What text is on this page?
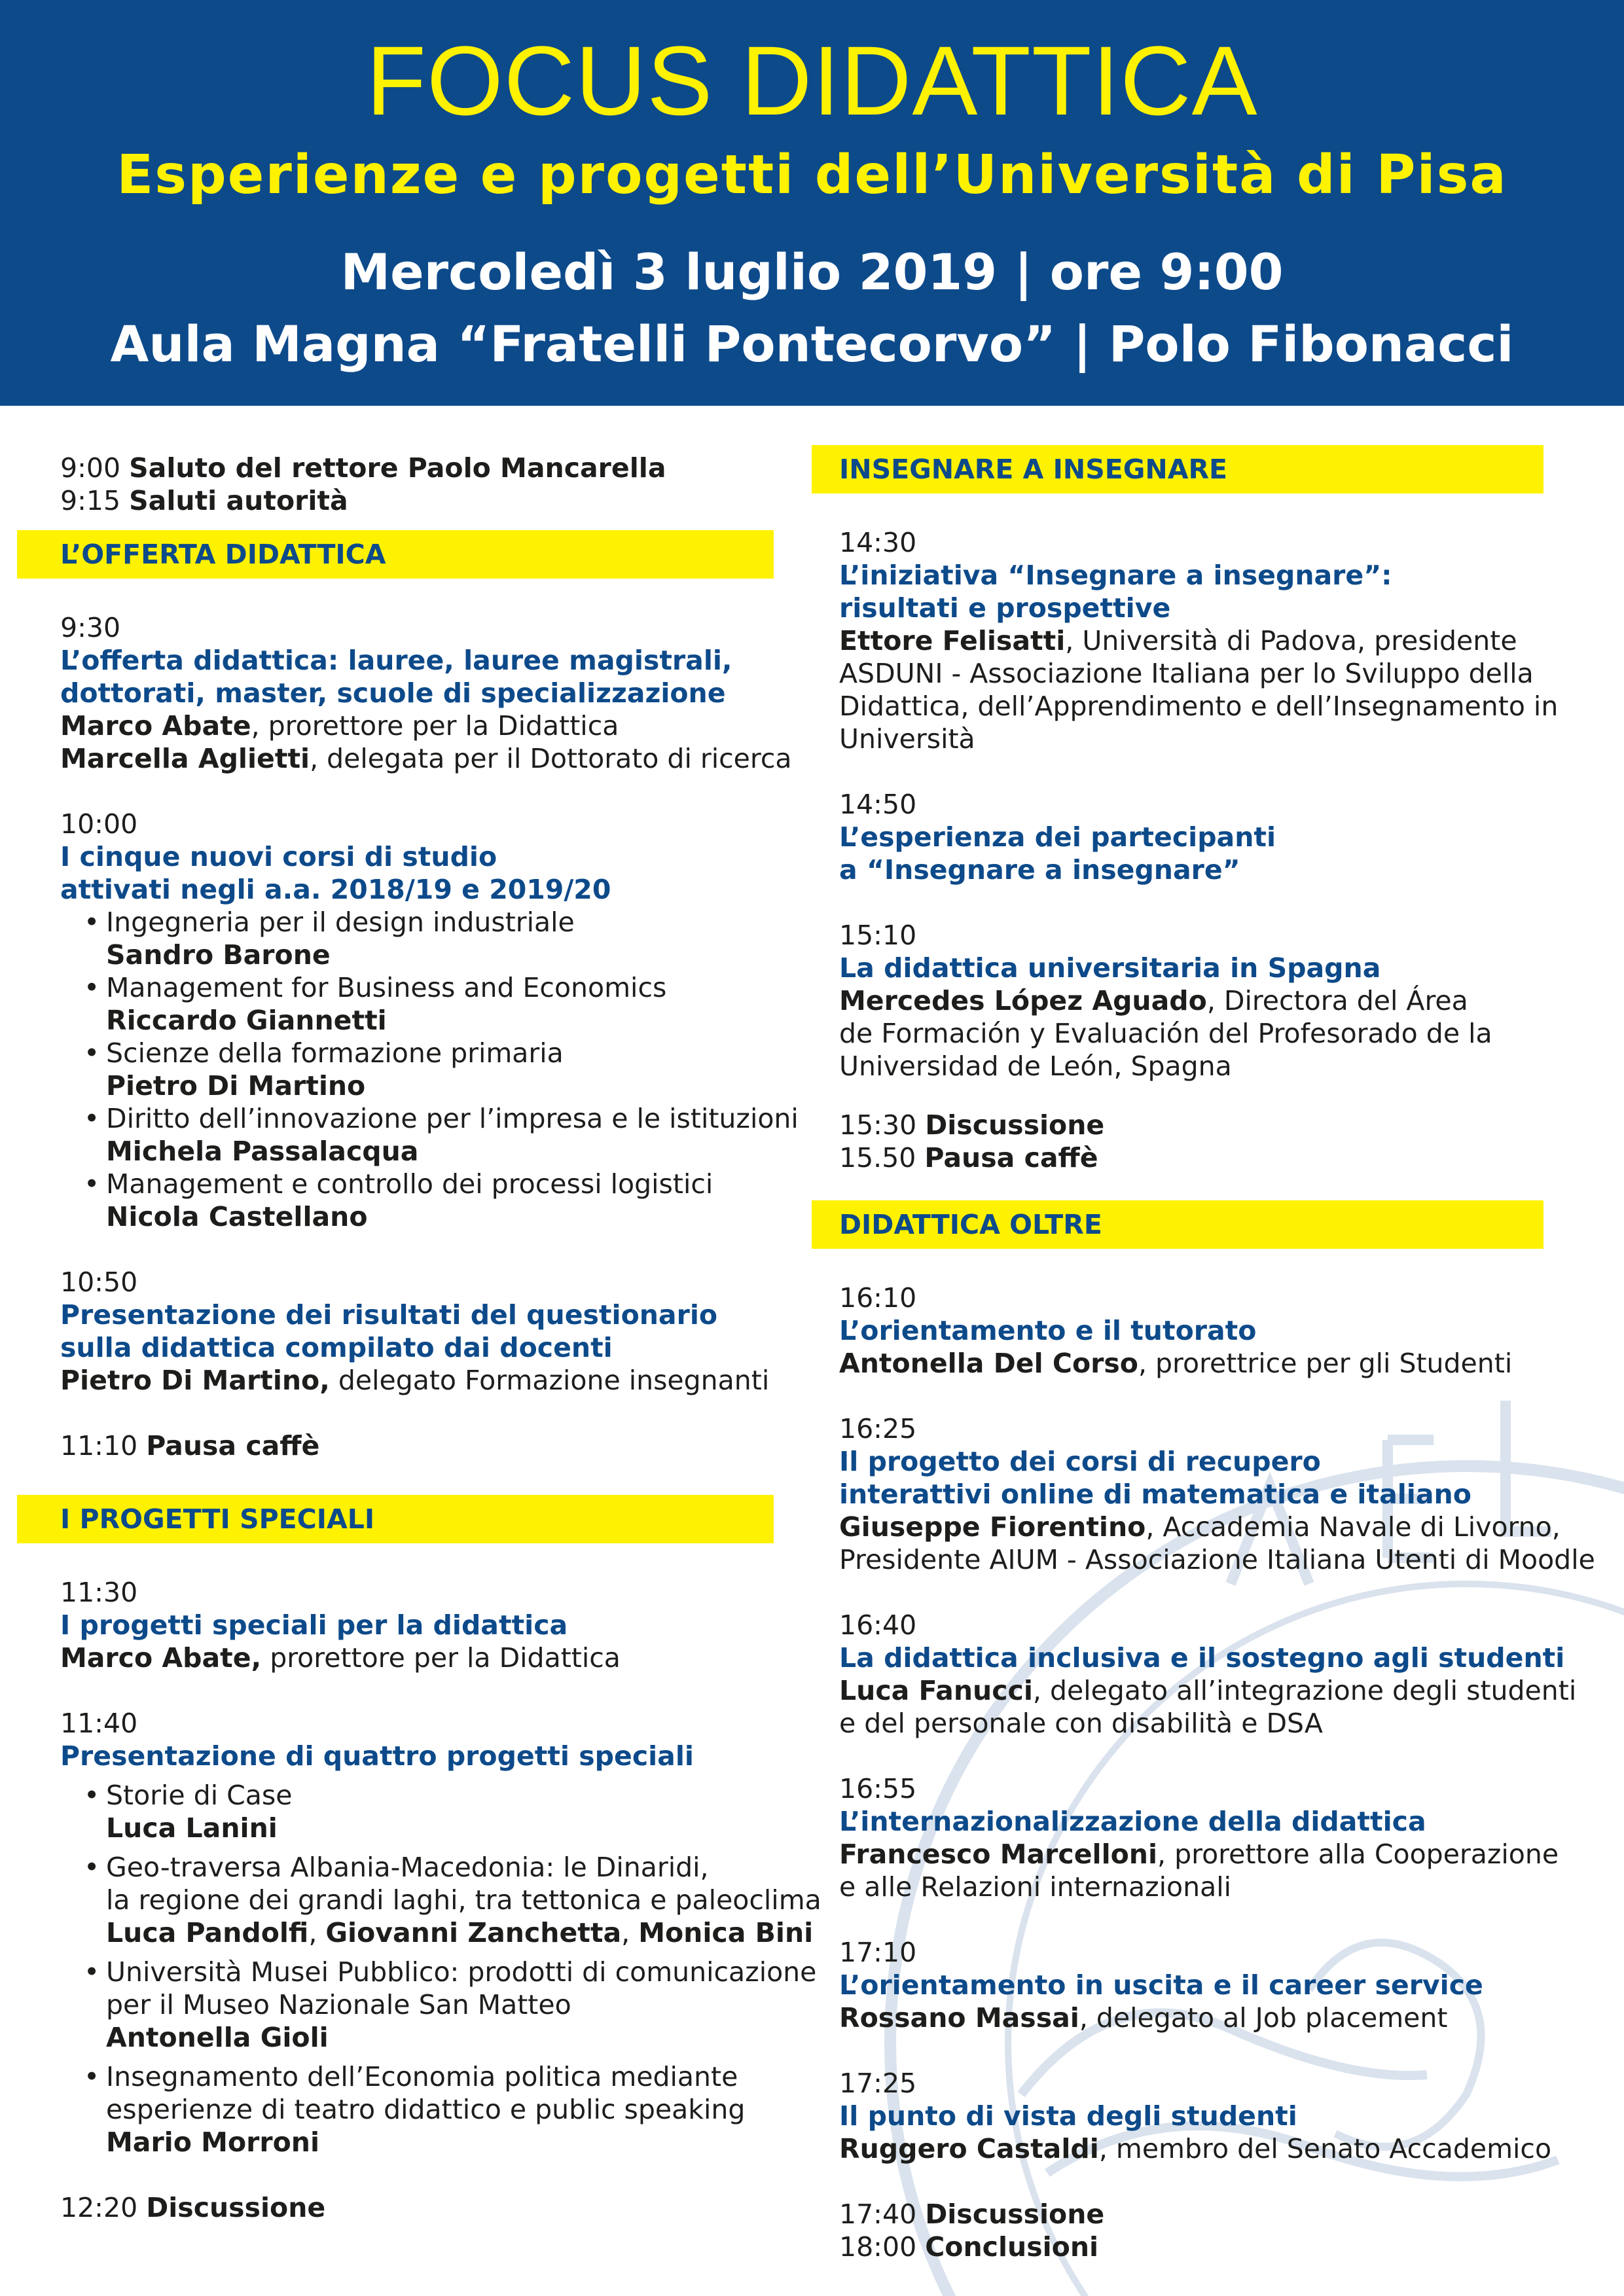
FOCUS DIDATTICA
Esperienze e progetti dell’Università di Pisa
Mercoledì 3 luglio 2019 | ore 9:00
Aula Magna “Fratelli Pontecorvo” | Polo Fibonacci
9:00 Saluto del rettore Paolo Mancarella
9:15 Saluti autorità
L’OFFERTA DIDATTICA
9:30
L’offerta didattica: lauree, lauree magistrali,
dottorati, master, scuole di specializzazione
Marco Abate, prorettore per la Didattica
Marcella Aglietti, delegata per il Dottorato di ricerca
10:00
I cinque nuovi corsi di studio
attivati negli a.a. 2018/19 e 2019/20
• Ingegneria per il design industriale
Sandro Barone
• Management for Business and Economics
Riccardo Giannetti
• Scienze della formazione primaria
Pietro Di Martino
• Diritto dell’innovazione per l’impresa e le istituzioni
Michela Passalacqua
• Management e controllo dei processi logistici
Nicola Castellano
10:50
Presentazione dei risultati del questionario
sulla didattica compilato dai docenti
Pietro Di Martino, delegato Formazione insegnanti
11:10 Pausa caffè
I PROGETTI SPECIALI
11:30
I progetti speciali per la didattica
Marco Abate, prorettore per la Didattica
11:40
Presentazione di quattro progetti speciali
• Storie di Case
Luca Lanini
• Geo-traversa Albania-Macedonia: le Dinaridi,
la regione dei grandi laghi, tra tettonica e paleoclima
Luca Pandolfi, Giovanni Zanchetta, Monica Bini
• Università Musei Pubblico: prodotti di comunicazione
per il Museo Nazionale San Matteo
Antonella Gioli
• Insegnamento dell’Economia politica mediante
esperienze di teatro didattico e public speaking
Mario Morroni
12:20 Discussione
INSEGNARE A INSEGNARE
14:30
L’iniziativa “Insegnare a insegnare”:
risultati e prospettive
Ettore Felisatti, Università di Padova, presidente
ASDUNI - Associazione Italiana per lo Sviluppo della
Didattica, dell’Apprendimento e dell’Insegnamento in
Università
14:50
L’esperienza dei partecipanti
a “Insegnare a insegnare”
15:10
La didattica universitaria in Spagna
Mercedes López Aguado, Directora del Área
de Formación y Evaluación del Profesorado de la
Universidad de León, Spagna
15:30 Discussione
15.50 Pausa caffè
DIDATTICA OLTRE
16:10
L’orientamento e il tutorato
Antonella Del Corso, prorettrice per gli Studenti
16:25
Il progetto dei corsi di recupero
interattivi online di matematica e italiano
Giuseppe Fiorentino, Accademia Navale di Livorno,
Presidente AIUM - Associazione Italiana Utenti di Moodle
16:40
La didattica inclusiva e il sostegno agli studenti
Luca Fanucci, delegato all’integrazione degli studenti
e del personale con disabilità e DSA
16:55
L’internazionalizzazione della didattica
Francesco Marcelloni, prorettore alla Cooperazione
e alle Relazioni internazionali
17:10
L’orientamento in uscita e il career service
Rossano Massai, delegato al Job placement
17:25
Il punto di vista degli studenti
Ruggero Castaldi, membro del Senato Accademico
17:40 Discussione
18:00 Conclusioni
